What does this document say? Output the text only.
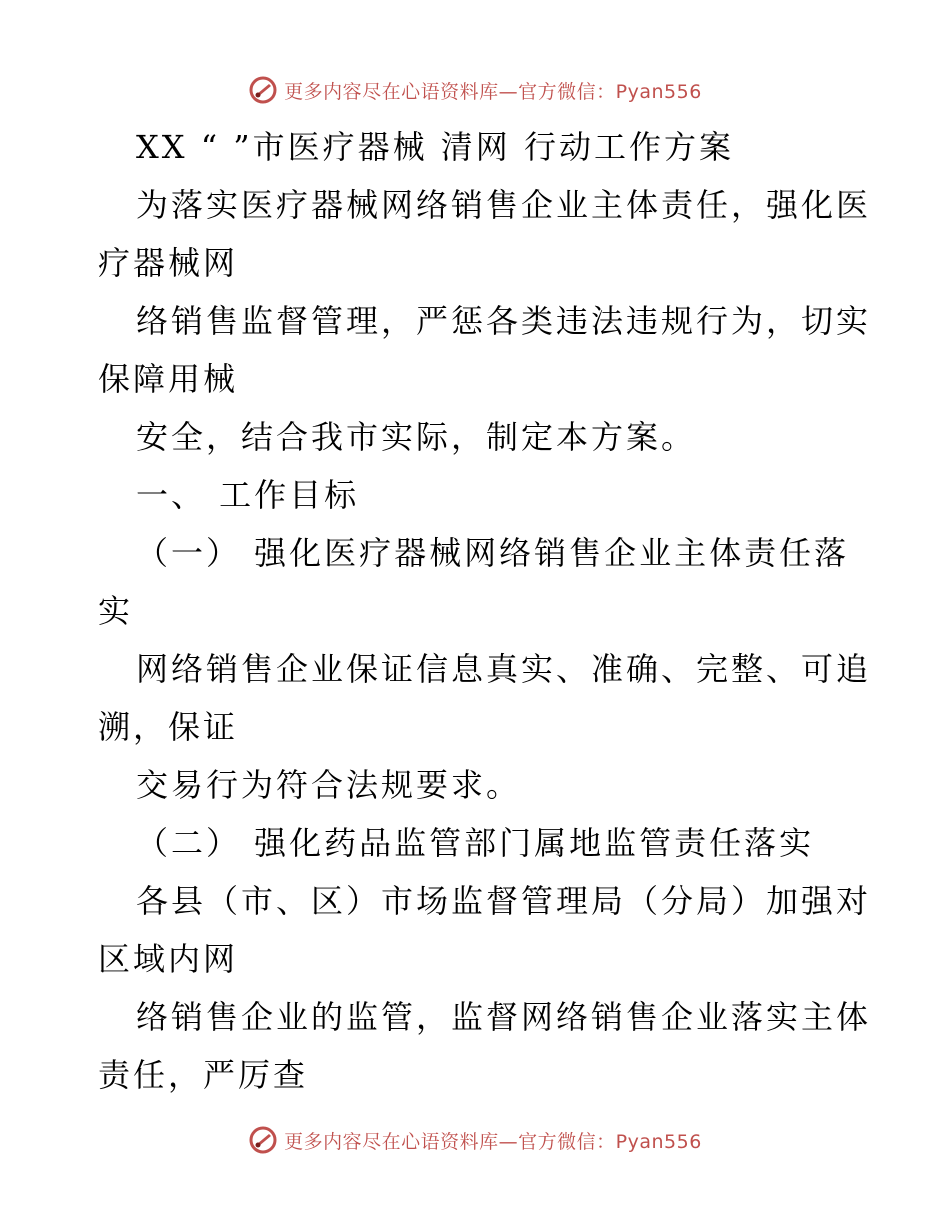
更多内容尽在心语资料库—官方微信：Pyan556
XX “ ”市医疗器械 清网 行动工作方案
为落实医疗器械网络销售企业主体责任，强化医
疗器械网
络销售监督管理，严惩各类违法违规行为，切实
保障用械
安全，结合我市实际，制定本方案。
一、 工作目标
（一） 强化医疗器械网络销售企业主体责任落
实
网络销售企业保证信息真实、准确、完整、可追
溯，保证
交易行为符合法规要求。
（二） 强化药品监管部门属地监管责任落实
各县（市、区）市场监督管理局（分局）加强对
区域内网
络销售企业的监管，监督网络销售企业落实主体
责任，严厉查
更多内容尽在心语资料库—官方微信：Pyan556
